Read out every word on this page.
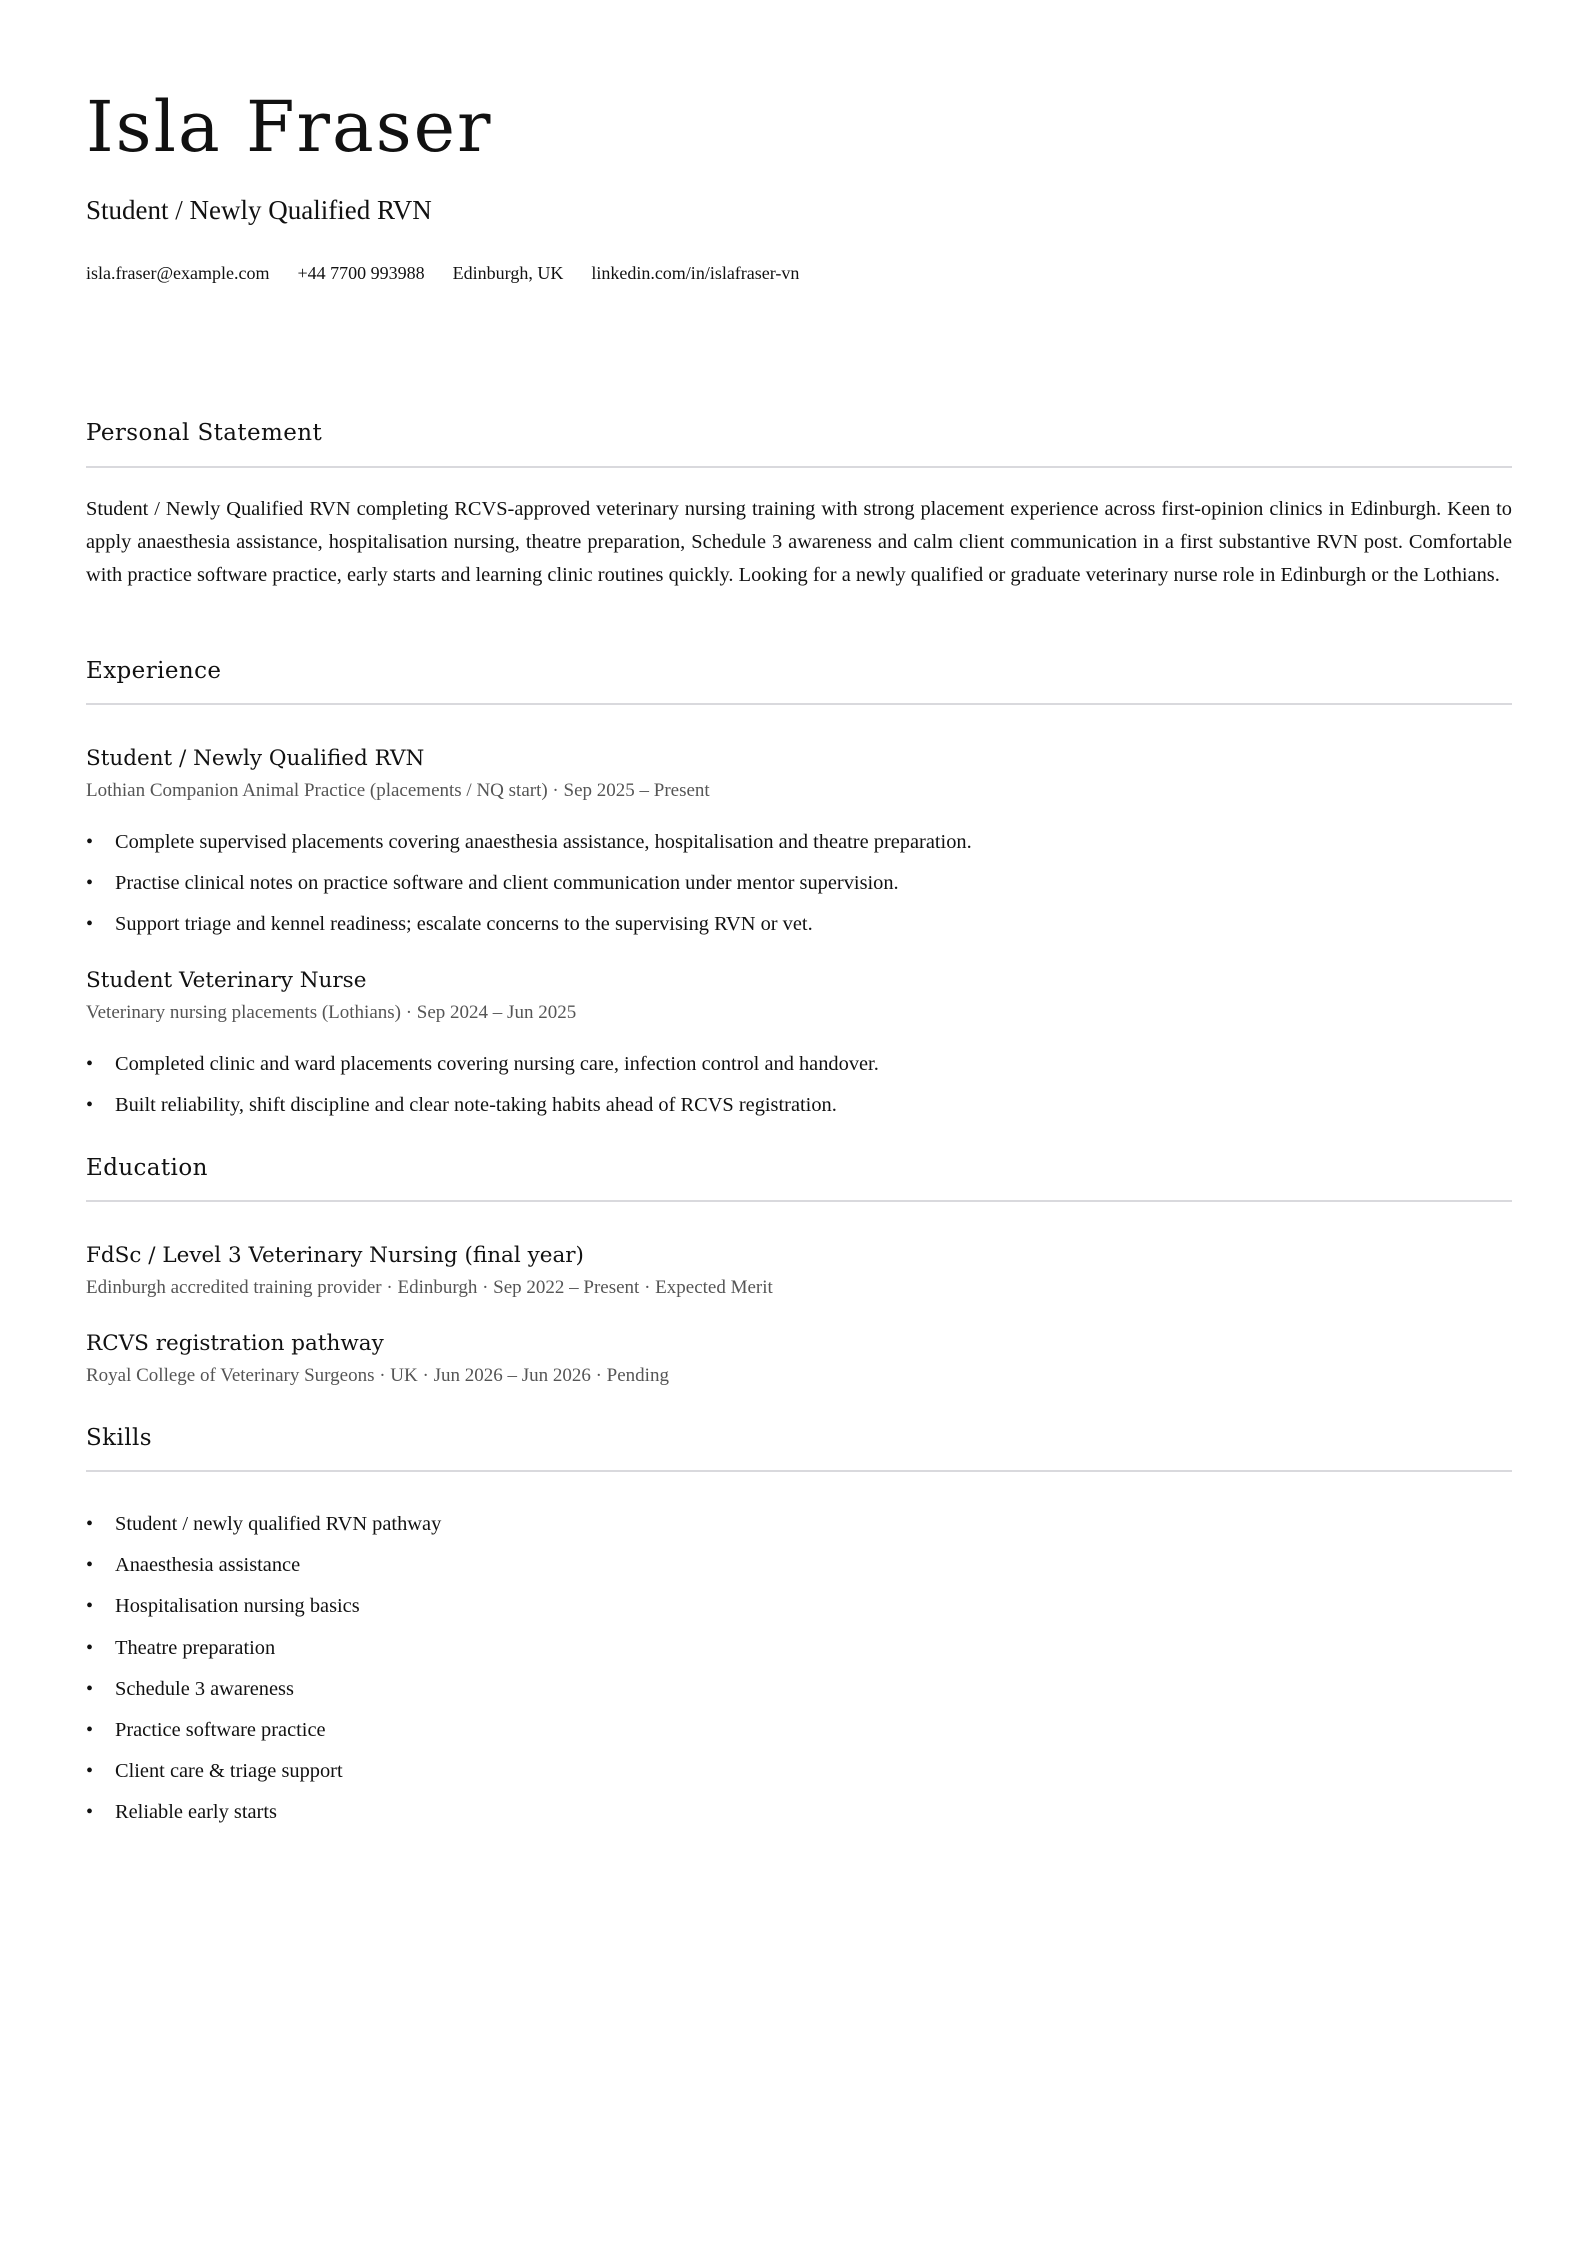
Isla Fraser
Student / Newly Qualified RVN
isla.fraser@example.com +44 7700 993988 Edinburgh, UK linkedin.com/in/islafraser-vn
Personal Statement

Student / Newly Qualified RVN completing RCVS-approved veterinary nursing training with strong placement experience across first-opinion clinics in Edinburgh. Keen to apply anaesthesia assistance, hospitalisation nursing, theatre preparation, Schedule 3 awareness and calm client communication in a first substantive RVN post. Comfortable with practice software practice, early starts and learning clinic routines quickly. Looking for a newly qualified or graduate veterinary nurse role in Edinburgh or the Lothians.

Experience
Student / Newly Qualified RVN
Lothian Companion Animal Practice (placements / NQ start) · Sep 2025 – Present
• Complete supervised placements covering anaesthesia assistance, hospitalisation and theatre preparation.
• Practise clinical notes on practice software and client communication under mentor supervision.
• Support triage and kennel readiness; escalate concerns to the supervising RVN or vet.
Student Veterinary Nurse
Veterinary nursing placements (Lothians) · Sep 2024 – Jun 2025
• Completed clinic and ward placements covering nursing care, infection control and handover.
• Built reliability, shift discipline and clear note-taking habits ahead of RCVS registration.
Education
FdSc / Level 3 Veterinary Nursing (final year)
Edinburgh accredited training provider · Edinburgh · Sep 2022 – Present · Expected Merit
RCVS registration pathway
Royal College of Veterinary Surgeons · UK · Jun 2026 – Jun 2026 · Pending
Skills
• Student / newly qualified RVN pathway
• Anaesthesia assistance
• Hospitalisation nursing basics
• Theatre preparation
• Schedule 3 awareness
• Practice software practice
• Client care & triage support
• Reliable early starts
